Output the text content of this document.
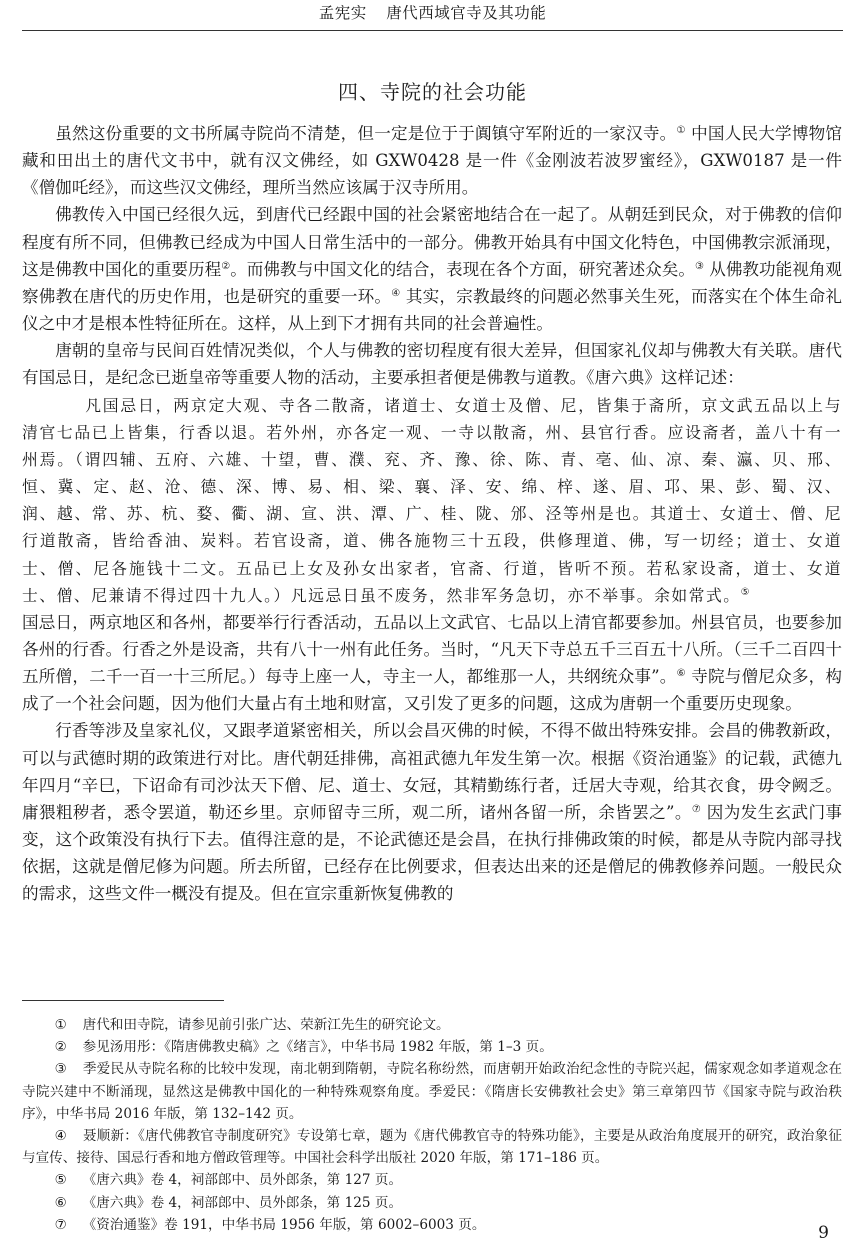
孟宪实 唐代西域官寺及其功能
四、寺院的社会功能

虽然这份重要的文书所属寺院尚不清楚，但一定是位于于阗镇守军附近的一家汉寺。① 中国人民大学博物馆藏和田出土的唐代文书中，就有汉文佛经，如 GXW0428 是一件《金刚波若波罗蜜经》，GXW0187 是一件《僧伽吒经》，而这些汉文佛经，理所当然应该属于汉寺所用。

佛教传入中国已经很久远，到唐代已经跟中国的社会紧密地结合在一起了。从朝廷到民众，对于佛教的信仰程度有所不同，但佛教已经成为中国人日常生活中的一部分。佛教开始具有中国文化特色，中国佛教宗派涌现，这是佛教中国化的重要历程②。而佛教与中国文化的结合，表现在各个方面，研究著述众矣。③ 从佛教功能视角观察佛教在唐代的历史作用，也是研究的重要一环。④ 其实，宗教最终的问题必然事关生死，而落实在个体生命礼仪之中才是根本性特征所在。这样，从上到下才拥有共同的社会普遍性。

唐朝的皇帝与民间百姓情况类似，个人与佛教的密切程度有很大差异，但国家礼仪却与佛教大有关联。唐代有国忌日，是纪念已逝皇帝等重要人物的活动，主要承担者便是佛教与道教。《唐六典》这样记述：

凡国忌日，两京定大观、寺各二散斋，诸道士、女道士及僧、尼，皆集于斋所，京文武五品以上与清官七品已上皆集，行香以退。若外州，亦各定一观、一寺以散斋，州、县官行香。应设斋者，盖八十有一州焉。（谓四辅、五府、六雄、十望，曹、濮、兖、齐、豫、徐、陈、青、亳、仙、凉、秦、瀛、贝、邢、恒、冀、定、赵、沧、德、深、博、易、相、梁、襄、泽、安、绵、梓、遂、眉、邛、果、彭、蜀、汉、润、越、常、苏、杭、婺、衢、湖、宣、洪、潭、广、桂、陇、邠、泾等州是也。其道士、女道士、僧、尼行道散斋，皆给香油、炭料。若官设斋，道、佛各施物三十五段，供修理道、佛，写一切经；道士、女道士、僧、尼各施钱十二文。五品已上女及孙女出家者，官斋、行道，皆听不预。若私家设斋，道士、女道士、僧、尼兼请不得过四十九人。）凡远忌日虽不废务，然非军务急切，亦不举事。余如常式。⑤

国忌日，两京地区和各州，都要举行行香活动，五品以上文武官、七品以上清官都要参加。州县官员，也要参加各州的行香。行香之外是设斋，共有八十一州有此任务。当时，“凡天下寺总五千三百五十八所。（三千二百四十五所僧，二千一百一十三所尼。）每寺上座一人，寺主一人，都维那一人，共纲统众事”。⑥ 寺院与僧尼众多，构成了一个社会问题，因为他们大量占有土地和财富，又引发了更多的问题，这成为唐朝一个重要历史现象。

行香等涉及皇家礼仪，又跟孝道紧密相关，所以会昌灭佛的时候，不得不做出特殊安排。会昌的佛教新政，可以与武德时期的政策进行对比。唐代朝廷排佛，高祖武德九年发生第一次。根据《资治通鉴》的记载，武德九年四月“辛巳，下诏命有司沙汰天下僧、尼、道士、女冠，其精勤练行者，迁居大寺观，给其衣食，毋令阙乏。庸猥粗秽者，悉令罢道，勒还乡里。京师留寺三所，观二所，诸州各留一所，余皆罢之”。⑦ 因为发生玄武门事变，这个政策没有执行下去。值得注意的是，不论武德还是会昌，在执行排佛政策的时候，都是从寺院内部寻找依据，这就是僧尼修为问题。所去所留，已经存在比例要求，但表达出来的还是僧尼的佛教修养问题。一般民众的需求，这些文件一概没有提及。但在宣宗重新恢复佛教的

① 唐代和田寺院，请参见前引张广达、荣新江先生的研究论文。

② 参见汤用彤：《隋唐佛教史稿》之《绪言》，中华书局 1982 年版，第 1–3 页。

③ 季爱民从寺院名称的比较中发现，南北朝到隋朝，寺院名称纷然，而唐朝开始政治纪念性的寺院兴起，儒家观念如孝道观念在寺院兴建中不断涌现，显然这是佛教中国化的一种特殊观察角度。季爱民：《隋唐长安佛教社会史》第三章第四节《国家寺院与政治秩序》，中华书局 2016 年版，第 132–142 页。

④ 聂顺新：《唐代佛教官寺制度研究》专设第七章，题为《唐代佛教官寺的特殊功能》，主要是从政治角度展开的研究，政治象征与宣传、接待、国忌行香和地方僧政管理等。中国社会科学出版社 2020 年版，第 171–186 页。

⑤ 《唐六典》卷 4，祠部郎中、员外郎条，第 127 页。

⑥ 《唐六典》卷 4，祠部郎中、员外郎条，第 125 页。

⑦ 《资治通鉴》卷 191，中华书局 1956 年版，第 6002–6003 页。	9
